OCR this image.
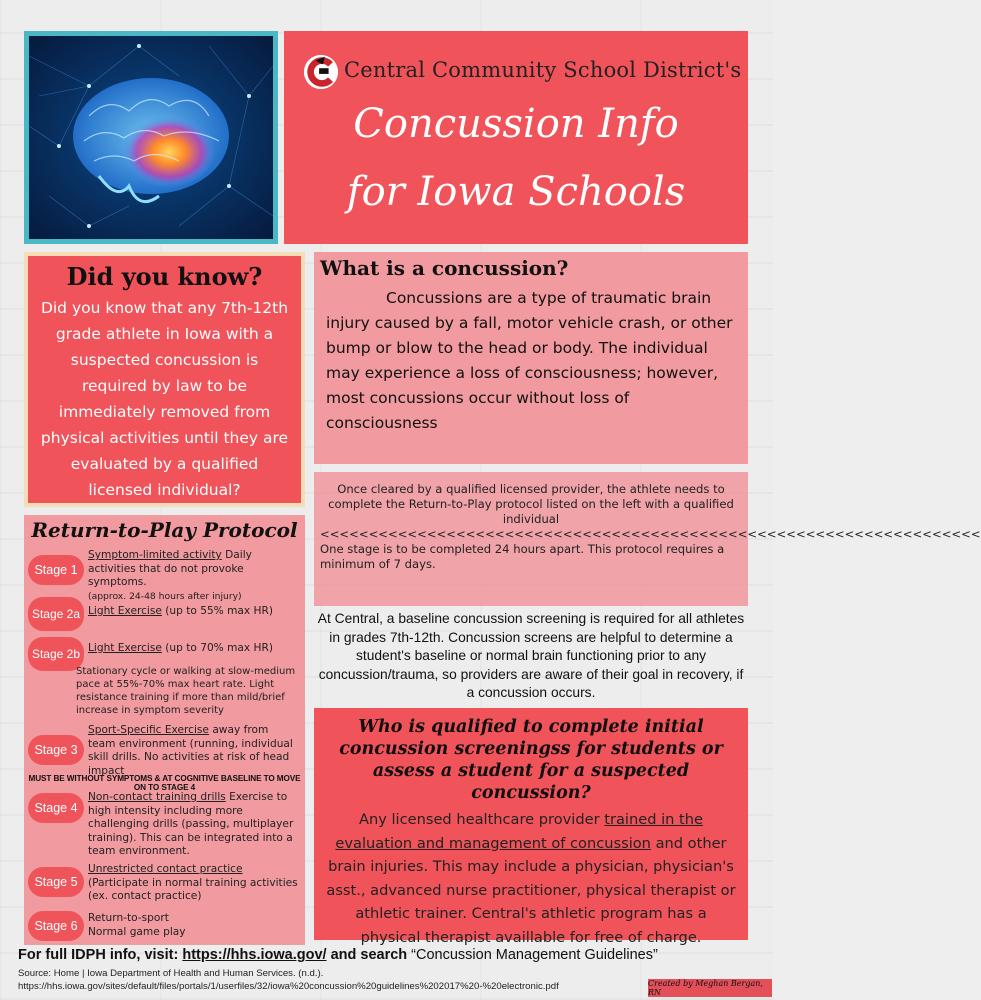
Central Community School District's
Concussion Info
for Iowa Schools
Did you know?

Did you know that any 7th-12th grade athlete in Iowa with a suspected concussion is required by law to be immediately removed from physical activities until they are evaluated by a qualified licensed individual?

What is a concussion?

Concussions are a type of traumatic brain injury caused by a fall, motor vehicle crash, or other bump or blow to the head or body. The individual may experience a loss of consciousness; however, most concussions occur without loss of consciousness

Once cleared by a qualified licensed provider, the athlete needs to complete the Return-to-Play protocol listed on the left with a qualified individual
<<<<<<<<<<<<<<<<<<<<<<<<<<<<<<<<<<<<<<<<<<<<<<<<<<<<<<<<<<<<<<<<<<<<
One stage is to be completed 24 hours apart. This protocol requires a minimum of 7 days.
At Central, a baseline concussion screening is required for all athletes in grades 7th-12th. Concussion screens are helpful to determine a student's baseline or normal brain functioning prior to any concussion/trauma, so providers are aware of their goal in recovery, if a concussion occurs.
Who is qualified to complete initial concussion screeningss for students or assess a student for a suspected concussion?

Any licensed healthcare provider trained in the evaluation and management of concussion and other brain injuries. This may include a physician, physician's asst., advanced nurse practitioner, physical therapist or athletic trainer. Central's athletic program has a physical therapist availlable for free of charge.

Return-to-Play Protocol
Stage 1
Symptom-limited activity Daily activities that do not provoke symptoms.
(approx. 24-48 hours after injury)
Stage 2a Light Exercise (up to 55% max HR)
Stage 2b Light Exercise (up to 70% max HR)
Stationary cycle or walking at slow-medium pace at 55%-70% max heart rate. Light resistance training if more than mild/brief increase in symptom severity
Stage 3
Sport-Specific Exercise away from team environment (running, individual skill drills. No activities at risk of head impact
MUST BE WITHOUT SYMPTOMS & AT COGNITIVE BASELINE TO MOVE ON TO STAGE 4
Stage 4
Non-contact training drills Exercise to high intensity including more challenging drills (passing, multiplayer training). This can be integrated into a team environment.
Stage 5
Unrestricted contact practice
(Participate in normal training activities (ex. contact practice)
Stage 6
Return-to-sport
Normal game play
For full IDPH info, visit: https://hhs.iowa.gov/ and search “Concussion Management Guidelines”
Source: Home | Iowa Department of Health and Human Services. (n.d.).
https://hhs.iowa.gov/sites/default/files/portals/1/userfiles/32/iowa%20concussion%20guidelines%202017%20-%20electronic.pdf	Created by Meghan Bergan, RN
